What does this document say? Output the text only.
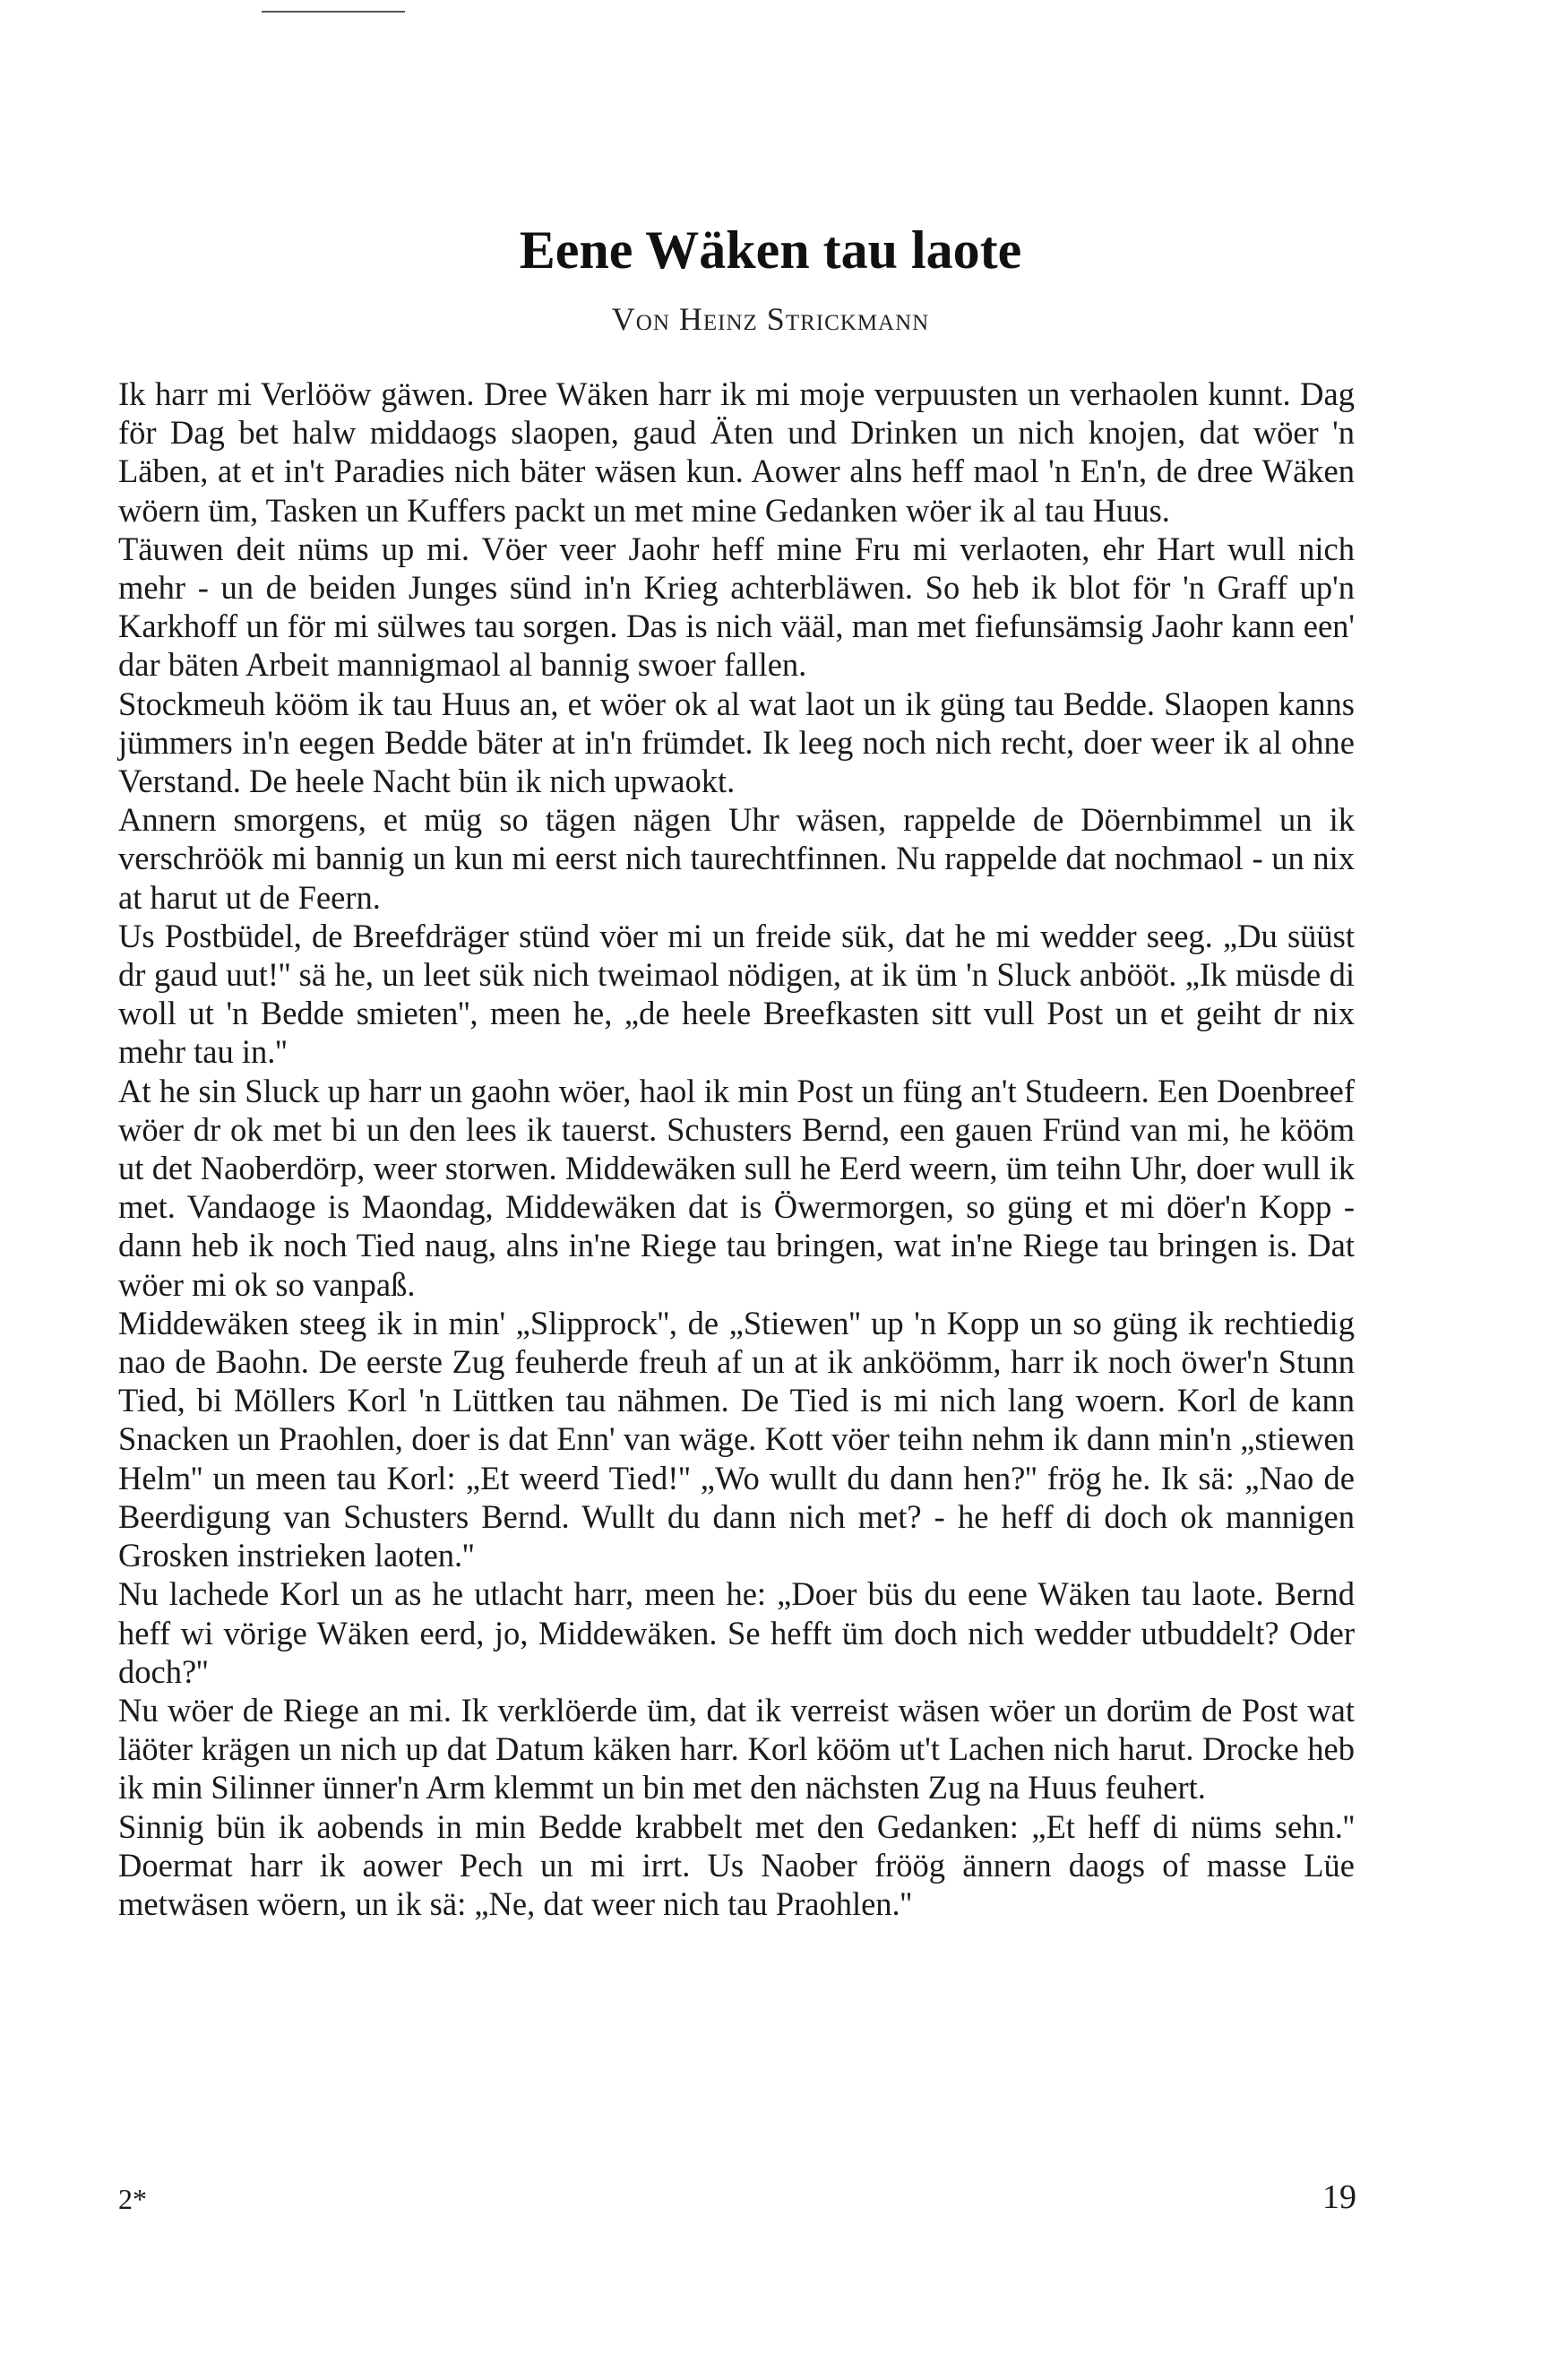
Eene Wäken tau laote
Von Heinz Strickmann

Ik harr mi Verlööw gäwen. Dree Wäken harr ik mi moje verpuusten un verhaolen kunnt. Dag för Dag bet halw middaogs slaopen, gaud Äten und Drinken un nich knojen, dat wöer 'n Läben, at et in't Paradies nich bäter wäsen kun. Aower alns heff maol 'n En'n, de dree Wäken wöern üm, Tasken un Kuffers packt un met mine Gedanken wöer ik al tau Huus.

Täuwen deit nüms up mi. Vöer veer Jaohr heff mine Fru mi verlaoten, ehr Hart wull nich mehr - un de beiden Junges sünd in'n Krieg achterbläwen. So heb ik blot för 'n Graff up'n Karkhoff un för mi sülwes tau sorgen. Das is nich vääl, man met fiefunsämsig Jaohr kann een' dar bäten Arbeit mannigmaol al bannig swoer fallen.

Stockmeuh kööm ik tau Huus an, et wöer ok al wat laot un ik güng tau Bedde. Slaopen kanns jümmers in'n eegen Bedde bäter at in'n frümdet. Ik leeg noch nich recht, doer weer ik al ohne Verstand. De heele Nacht bün ik nich upwaokt.

Annern smorgens, et müg so tägen nägen Uhr wäsen, rappelde de Döernbimmel un ik verschröök mi bannig un kun mi eerst nich taurechtfinnen. Nu rappelde dat nochmaol - un nix at harut ut de Feern.

Us Postbüdel, de Breefdräger stünd vöer mi un freide sük, dat he mi wedder seeg. „Du süüst dr gaud uut!'' sä he, un leet sük nich tweimaol nödigen, at ik üm 'n Sluck anbööt. „Ik müsde di woll ut 'n Bedde smieten'', meen he, „de heele Breefkasten sitt vull Post un et geiht dr nix mehr tau in.''

At he sin Sluck up harr un gaohn wöer, haol ik min Post un füng an't Studeern. Een Doenbreef wöer dr ok met bi un den lees ik tauerst. Schusters Bernd, een gauen Fründ van mi, he kööm ut det Naoberdörp, weer storwen. Middewäken sull he Eerd weern, üm teihn Uhr, doer wull ik met. Vandaoge is Maondag, Middewäken dat is Öwermorgen, so güng et mi döer'n Kopp - dann heb ik noch Tied naug, alns in'ne Riege tau bringen, wat in'ne Riege tau bringen is. Dat wöer mi ok so vanpaß.

Middewäken steeg ik in min' „Slipprock'', de „Stiewen'' up 'n Kopp un so güng ik rechtiedig nao de Baohn. De eerste Zug feuherde freuh af un at ik anköömm, harr ik noch öwer'n Stunn Tied, bi Möllers Korl 'n Lüttken tau nähmen. De Tied is mi nich lang woern. Korl de kann Snacken un Praohlen, doer is dat Enn' van wäge. Kott vöer teihn nehm ik dann min'n „stiewen Helm'' un meen tau Korl: „Et weerd Tied!'' „Wo wullt du dann hen?'' frög he. Ik sä: „Nao de Beerdigung van Schusters Bernd. Wullt du dann nich met? - he heff di doch ok mannigen Grosken instrieken laoten.''

Nu lachede Korl un as he utlacht harr, meen he: „Doer büs du eene Wäken tau laote. Bernd heff wi vörige Wäken eerd, jo, Middewäken. Se hefft üm doch nich wedder utbuddelt? Oder doch?''

Nu wöer de Riege an mi. Ik verklöerde üm, dat ik verreist wäsen wöer un dorüm de Post wat läöter krägen un nich up dat Datum käken harr. Korl kööm ut't Lachen nich harut. Drocke heb ik min Silinner ünner'n Arm klemmt un bin met den nächsten Zug na Huus feuhert.

Sinnig bün ik aobends in min Bedde krabbelt met den Gedanken: „Et heff di nüms sehn.'' Doermat harr ik aower Pech un mi irrt. Us Naober fröög ännern daogs of masse Lüe metwäsen wöern, un ik sä: „Ne, dat weer nich tau Praohlen.''

2*	19
